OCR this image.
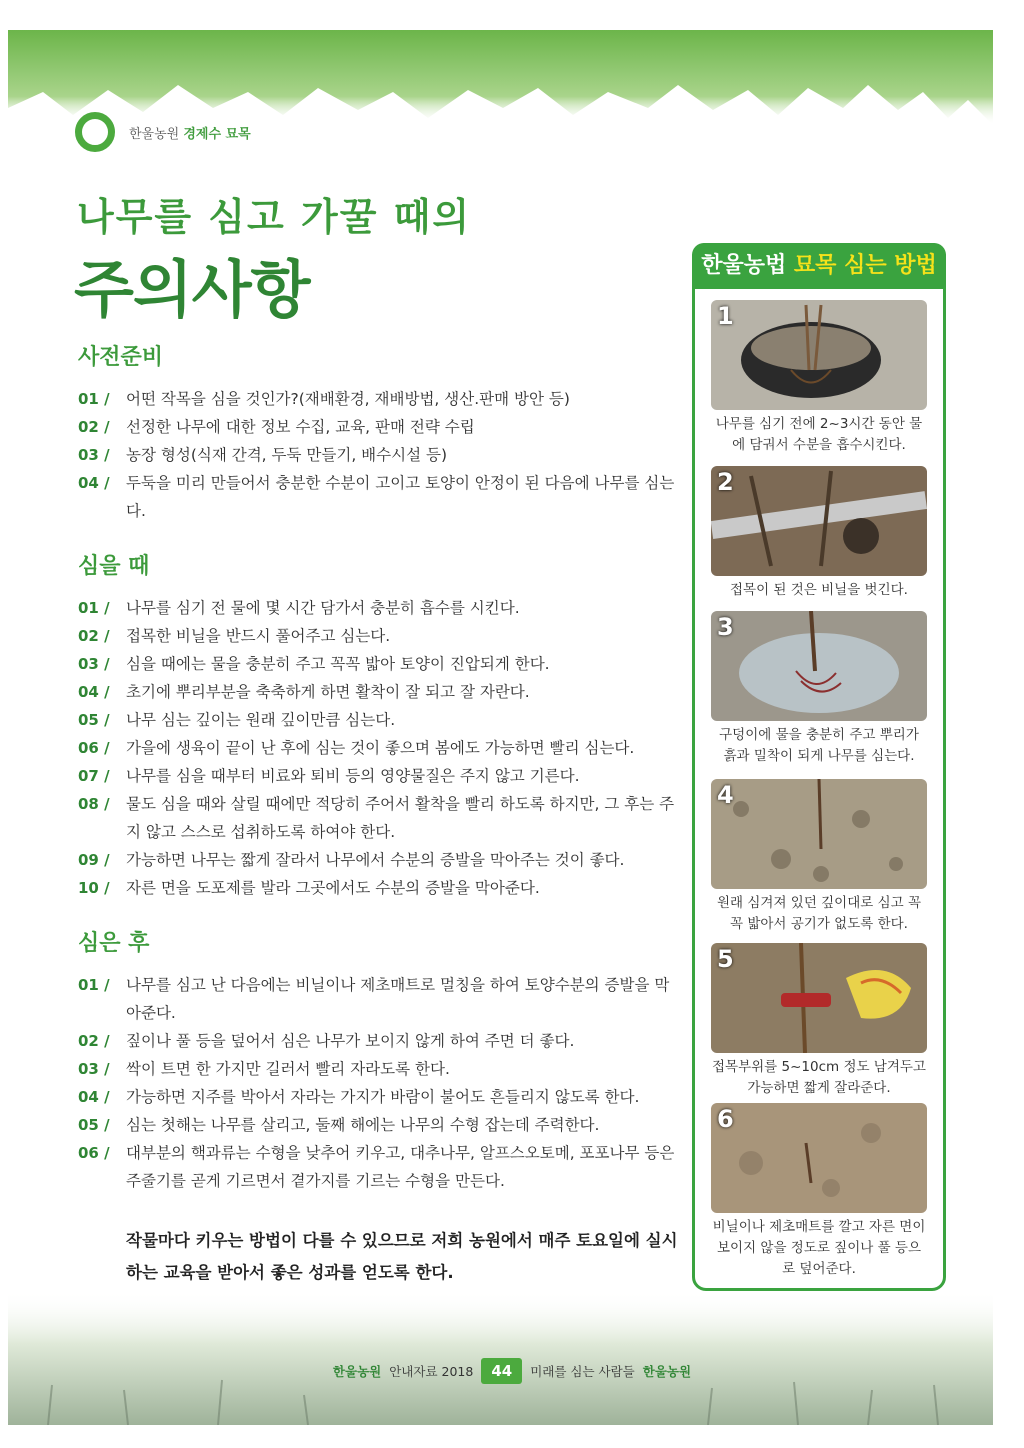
한울농원 경제수 묘목
나무를 심고 가꿀 때의
주의사항
사전준비
01 /	어떤 작목을 심을 것인가?(재배환경, 재배방법, 생산.판매 방안 등)
02 /	선정한 나무에 대한 정보 수집, 교육, 판매 전략 수립
03 /	농장 형성(식재 간격, 두둑 만들기, 배수시설 등)
04 /	두둑을 미리 만들어서 충분한 수분이 고이고 토양이 안정이 된 다음에 나무를 심는다.
심을 때
01 /	나무를 심기 전 물에 몇 시간 담가서 충분히 흡수를 시킨다.
02 /	접목한 비닐을 반드시 풀어주고 심는다.
03 /	심을 때에는 물을 충분히 주고 꼭꼭 밟아 토양이 진압되게 한다.
04 /	초기에 뿌리부분을 축축하게 하면 활착이 잘 되고 잘 자란다.
05 /	나무 심는 깊이는 원래 깊이만큼 심는다.
06 /	가을에 생육이 끝이 난 후에 심는 것이 좋으며 봄에도 가능하면 빨리 심는다.
07 /	나무를 심을 때부터 비료와 퇴비 등의 영양물질은 주지 않고 기른다.
08 /	물도 심을 때와 살릴 때에만 적당히 주어서 활착을 빨리 하도록 하지만, 그 후는 주지 않고 스스로 섭취하도록 하여야 한다.
09 /	가능하면 나무는 짧게 잘라서 나무에서 수분의 증발을 막아주는 것이 좋다.
10 /	자른 면을 도포제를 발라 그곳에서도 수분의 증발을 막아준다.
심은 후
01 /	나무를 심고 난 다음에는 비닐이나 제초매트로 멀칭을 하여 토양수분의 증발을 막아준다.
02 /	짚이나 풀 등을 덮어서 심은 나무가 보이지 않게 하여 주면 더 좋다.
03 /	싹이 트면 한 가지만 길러서 빨리 자라도록 한다.
04 /	가능하면 지주를 박아서 자라는 가지가 바람이 불어도 흔들리지 않도록 한다.
05 /	심는 첫해는 나무를 살리고, 둘째 해에는 나무의 수형 잡는데 주력한다.
06 /	대부분의 핵과류는 수형을 낮추어 키우고, 대추나무, 알프스오토메, 포포나무 등은 주줄기를 곧게 기르면서 곁가지를 기르는 수형을 만든다.
작물마다 키우는 방법이 다를 수 있으므로 저희 농원에서 매주 토요일에 실시하는 교육을 받아서 좋은 성과를 얻도록 한다.
한울농법 묘목 심는 방법
1
나무를 심기 전에 2~3시간 동안 물에 담궈서 수분을 흡수시킨다.
2
접목이 된 것은 비닐을 벗긴다.
3
구덩이에 물을 충분히 주고 뿌리가 흙과 밀착이 되게 나무를 심는다.
4
원래 심겨져 있던 깊이대로 심고 꼭꼭 밟아서 공기가 없도록 한다.
5
접목부위를 5~10cm 정도 남겨두고 가능하면 짧게 잘라준다.
6
비닐이나 제초매트를 깔고 자른 면이 보이지 않을 정도로 짚이나 풀 등으로 덮어준다.
한울농원 안내자료 2018	44	미래를 심는 사람들 한울농원
